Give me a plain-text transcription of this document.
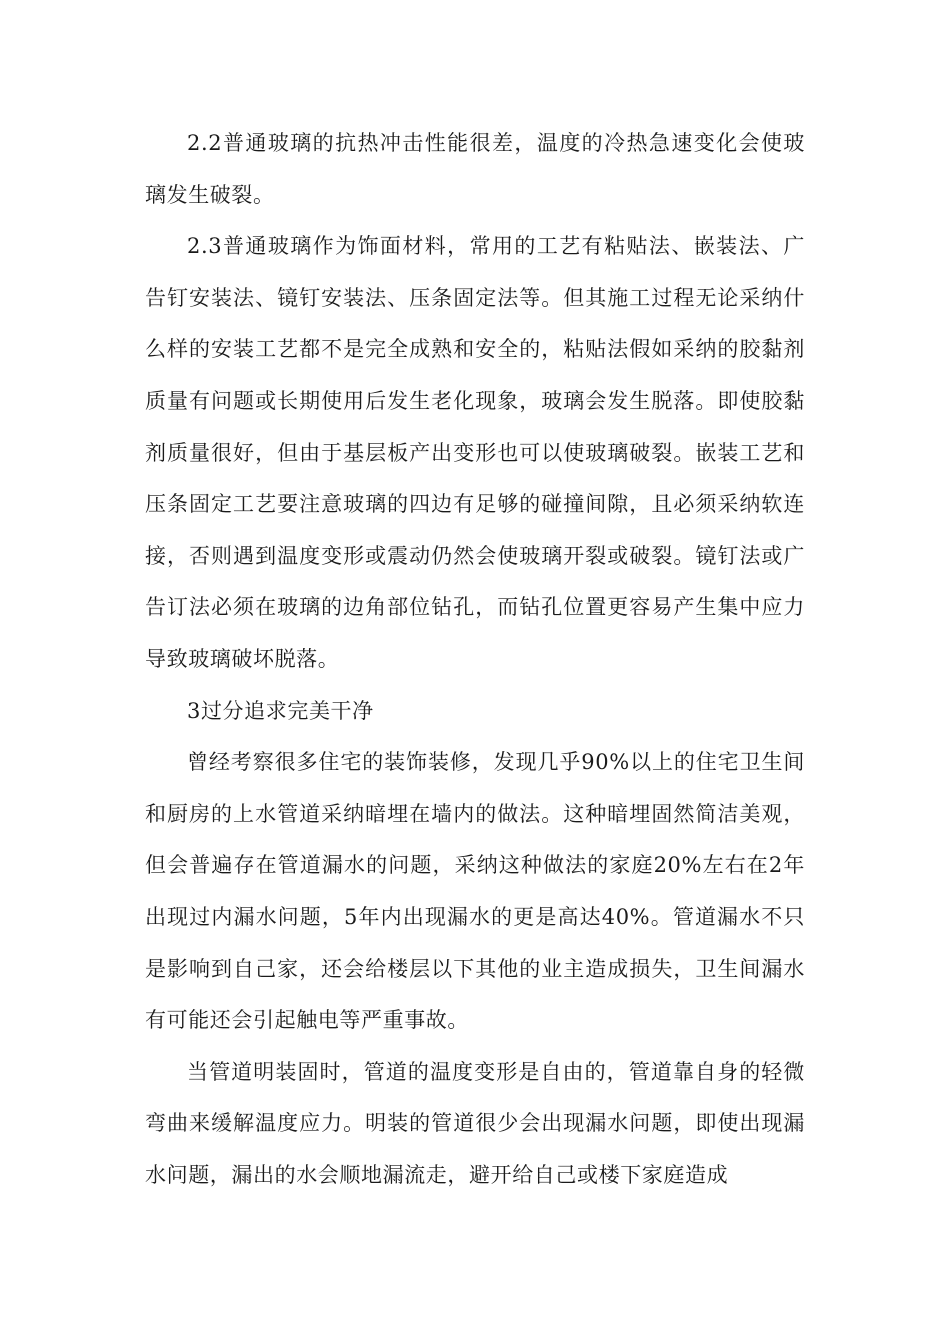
2.2普通玻璃的抗热冲击性能很差，温度的冷热急速变化会使玻璃发生破裂。

2.3普通玻璃作为饰面材料，常用的工艺有粘贴法、嵌装法、广告钉安装法、镜钉安装法、压条固定法等。但其施工过程无论采纳什么样的安装工艺都不是完全成熟和安全的，粘贴法假如采纳的胶黏剂质量有问题或长期使用后发生老化现象，玻璃会发生脱落。即使胶黏剂质量很好，但由于基层板产出变形也可以使玻璃破裂。嵌装工艺和压条固定工艺要注意玻璃的四边有足够的碰撞间隙，且必须采纳软连接，否则遇到温度变形或震动仍然会使玻璃开裂或破裂。镜钉法或广告订法必须在玻璃的边角部位钻孔，而钻孔位置更容易产生集中应力导致玻璃破坏脱落。

3过分追求完美干净

曾经考察很多住宅的装饰装修，发现几乎90%以上的住宅卫生间和厨房的上水管道采纳暗埋在墙内的做法。这种暗埋固然简洁美观，但会普遍存在管道漏水的问题，采纳这种做法的家庭20%左右在2年出现过内漏水问题，5年内出现漏水的更是高达40%。管道漏水不只是影响到自己家，还会给楼层以下其他的业主造成损失，卫生间漏水有可能还会引起触电等严重事故。

当管道明装固时，管道的温度变形是自由的，管道靠自身的轻微弯曲来缓解温度应力。明装的管道很少会出现漏水问题，即使出现漏水问题，漏出的水会顺地漏流走，避开给自己或楼下家庭造成
